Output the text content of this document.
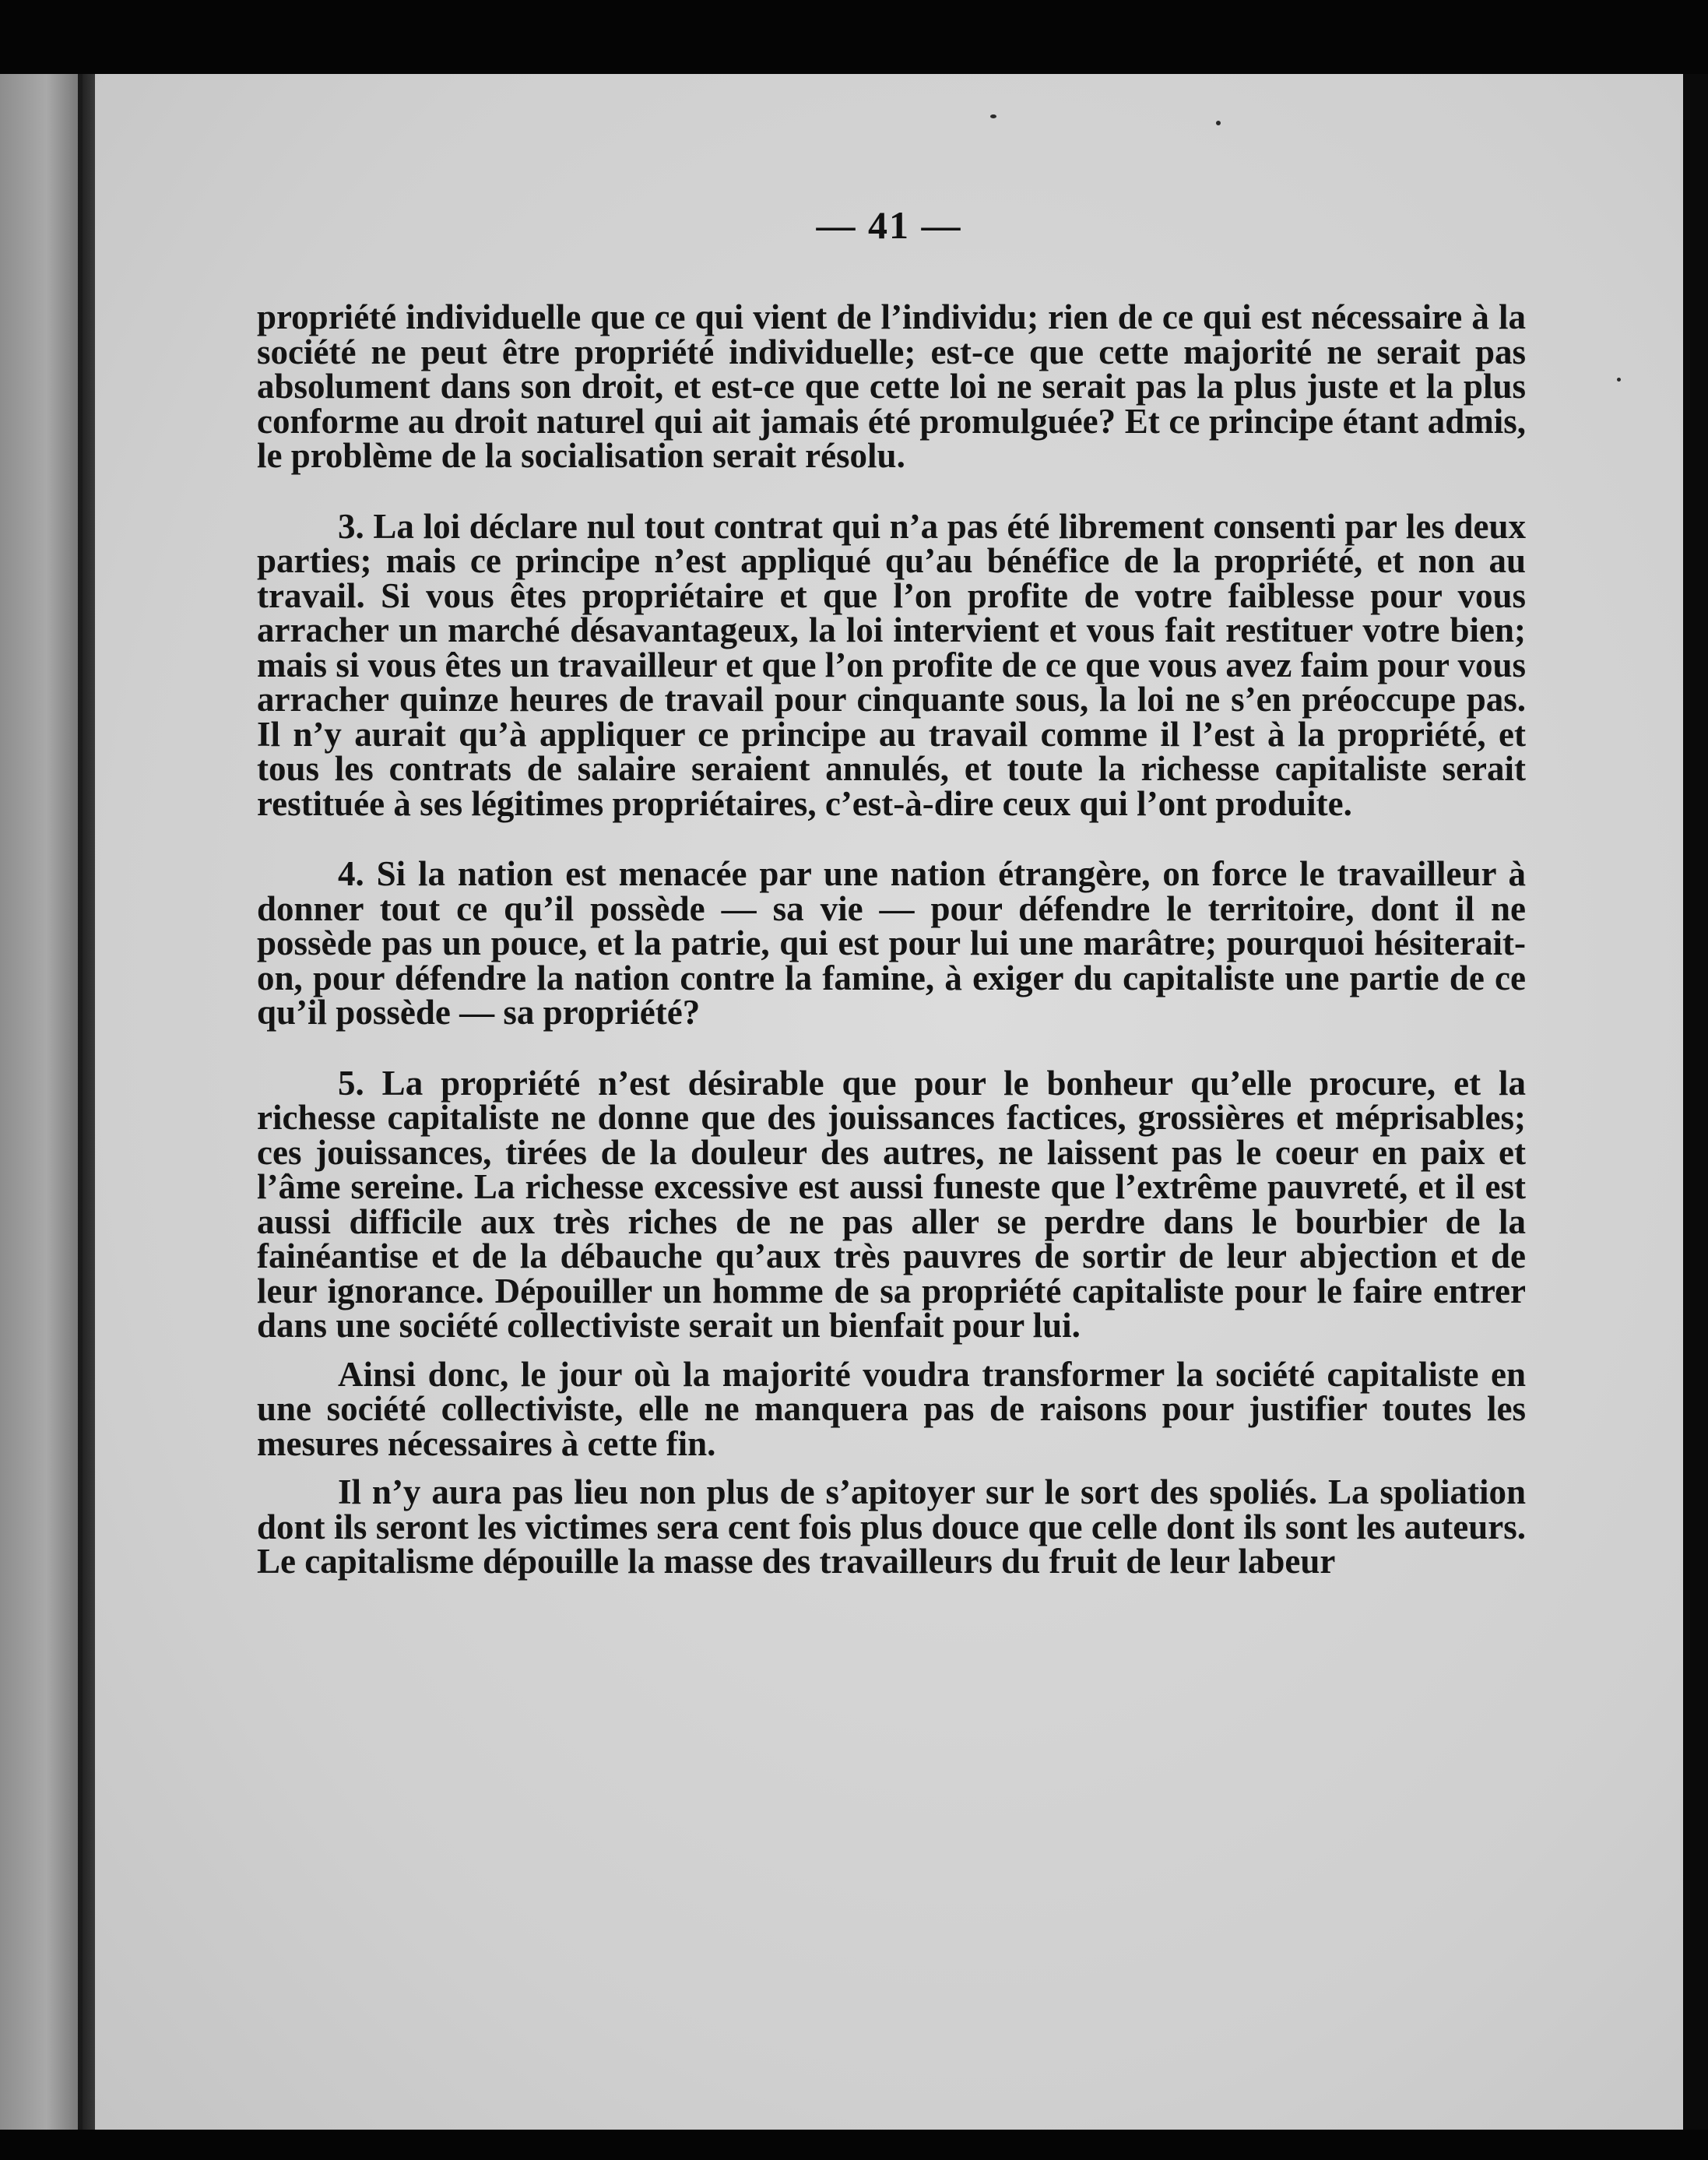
— 41 —

propriété individuelle que ce qui vient de l’individu; rien de ce qui est nécessaire à la société ne peut être propriété individuelle; est-ce que cette majorité ne serait pas absolument dans son droit, et est-ce que cette loi ne serait pas la plus juste et la plus conforme au droit naturel qui ait jamais été promulguée? Et ce principe étant admis, le problème de la socialisation serait résolu.

3. La loi déclare nul tout contrat qui n’a pas été librement consenti par les deux parties; mais ce principe n’est appliqué qu’au bénéfice de la propriété, et non au travail. Si vous êtes propriétaire et que l’on profite de votre faiblesse pour vous arracher un marché désavantageux, la loi intervient et vous fait restituer votre bien; mais si vous êtes un travailleur et que l’on profite de ce que vous avez faim pour vous arracher quinze heures de travail pour cinquante sous, la loi ne s’en préoccupe pas. Il n’y aurait qu’à appliquer ce principe au travail comme il l’est à la propriété, et tous les contrats de salaire seraient annulés, et toute la richesse capitaliste serait restituée à ses légitimes propriétaires, c’est-à-dire ceux qui l’ont produite.

4. Si la nation est menacée par une nation étrangère, on force le travailleur à donner tout ce qu’il possède — sa vie — pour défendre le territoire, dont il ne possède pas un pouce, et la patrie, qui est pour lui une marâtre; pourquoi hésiterait-on, pour défendre la nation contre la famine, à exiger du capitaliste une partie de ce qu’il possède — sa propriété?

5. La propriété n’est désirable que pour le bonheur qu’elle procure, et la richesse capitaliste ne donne que des jouissances factices, grossières et méprisables; ces jouissances, tirées de la douleur des autres, ne laissent pas le coeur en paix et l’âme sereine. La richesse excessive est aussi funeste que l’extrême pauvreté, et il est aussi difficile aux très riches de ne pas aller se perdre dans le bourbier de la fainéantise et de la débauche qu’aux très pauvres de sortir de leur abjection et de leur ignorance. Dépouiller un homme de sa propriété capitaliste pour le faire entrer dans une société collectiviste serait un bienfait pour lui.

Ainsi donc, le jour où la majorité voudra transformer la société capitaliste en une société collectiviste, elle ne manquera pas de raisons pour justifier toutes les mesures nécessaires à cette fin.

Il n’y aura pas lieu non plus de s’apitoyer sur le sort des spoliés. La spoliation dont ils seront les victimes sera cent fois plus douce que celle dont ils sont les auteurs. Le capitalisme dépouille la masse des travailleurs du fruit de leur labeur
